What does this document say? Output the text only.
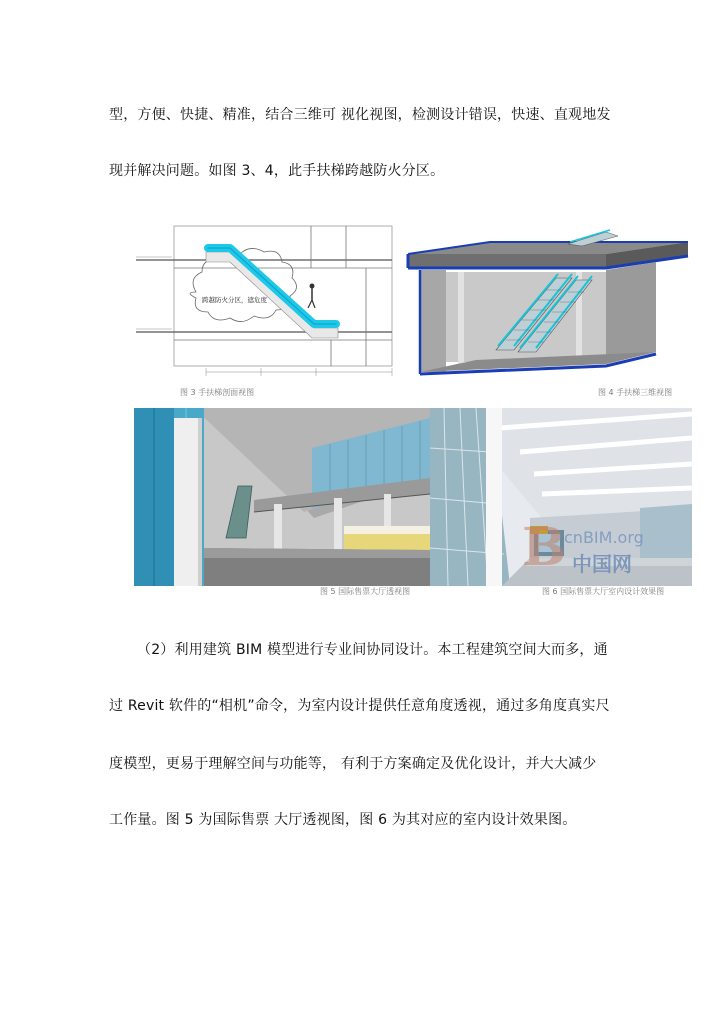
型，方便、快捷、精准，结合三维可 视化视图，检测设计错误，快速、直观地发
现并解决问题。如图 3、4，此手扶梯跨越防火分区。
跨越防火分区，遮危度
图 3 手扶梯剖面视图	图 4 手扶梯三维视图
图 5 国际售票大厅透视图
B
cnBIM.org
中国网
图 6 国际售票大厅室内设计效果图
（2）利用建筑 BIM 模型进行专业间协同设计。本工程建筑空间大而多，通
过 Revit 软件的“相机”命令，为室内设计提供任意角度透视，通过多角度真实尺
度模型，更易于理解空间与功能等， 有利于方案确定及优化设计，并大大减少
工作量。图 5 为国际售票 大厅透视图，图 6 为其对应的室内设计效果图。
